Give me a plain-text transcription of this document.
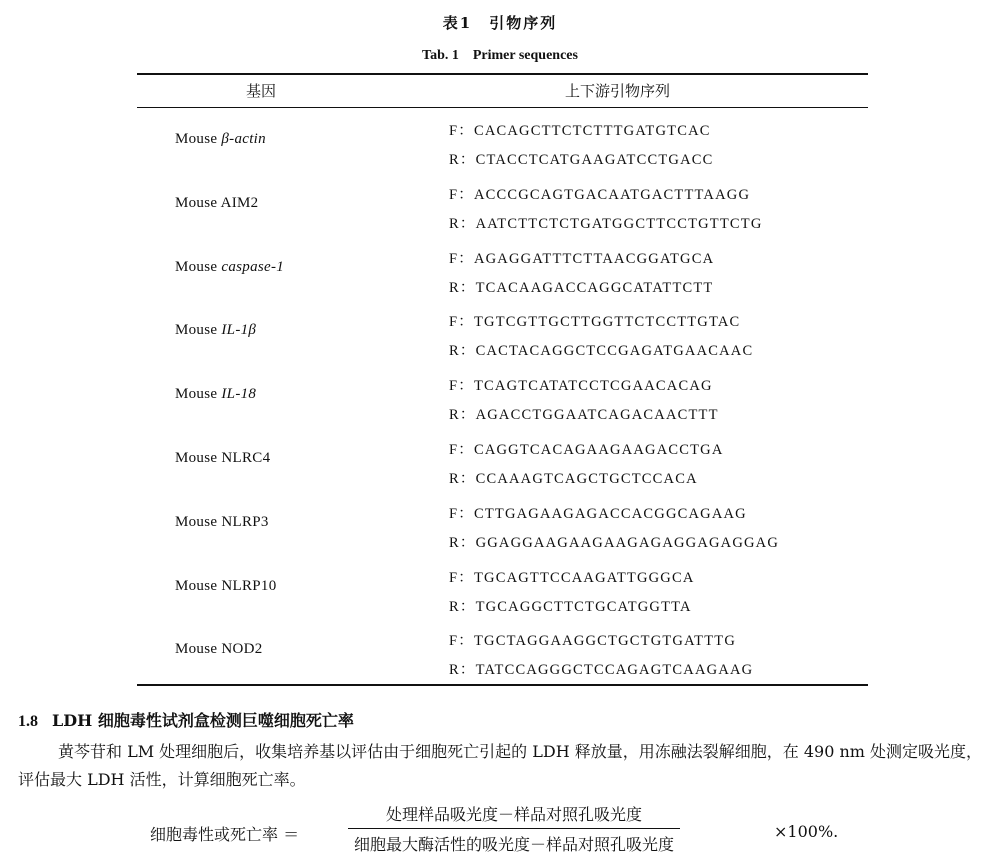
表1　引物序列
Tab. 1　Primer sequences
基因	上下游引物序列
Mouse β-actin	F：CACAGCTTCTCTTTGATGTCAC
R：CTACCTCATGAAGATCCTGACC
Mouse AIM2	F：ACCCGCAGTGACAATGACTTTAAGG
R：AATCTTCTCTGATGGCTTCCTGTTCTG
Mouse caspase-1	F：AGAGGATTTCTTAACGGATGCA
R：TCACAAGACCAGGCATATTCTT
Mouse IL-1β	F：TGTCGTTGCTTGGTTCTCCTTGTAC
R：CACTACAGGCTCCGAGATGAACAAC
Mouse IL-18	F：TCAGTCATATCCTCGAACACAG
R：AGACCTGGAATCAGACAACTTT
Mouse NLRC4	F：CAGGTCACAGAAGAAGACCTGA
R：CCAAAGTCAGCTGCTCCACA
Mouse NLRP3	F：CTTGAGAAGAGACCACGGCAGAAG
R：GGAGGAAGAAGAAGAGAGGAGAGGAG
Mouse NLRP10	F：TGCAGTTCCAAGATTGGGCA
R：TGCAGGCTTCTGCATGGTTA
Mouse NOD2	F：TGCTAGGAAGGCTGCTGTGATTTG
R：TATCCAGGGCTCCAGAGTCAAGAAG
1.8 LDH 细胞毒性试剂盒检测巨噬细胞死亡率
黄芩苷和 LM 处理细胞后，收集培养基以评估由于细胞死亡引起的 LDH 释放量，用冻融法裂解细胞，在 490 nm 处测定吸光度，评估最大 LDH 活性，计算细胞死亡率。
细胞毒性或死亡率 ＝
处理样品吸光度－样品对照孔吸光度
细胞最大酶活性的吸光度－样品对照孔吸光度
×100%.
